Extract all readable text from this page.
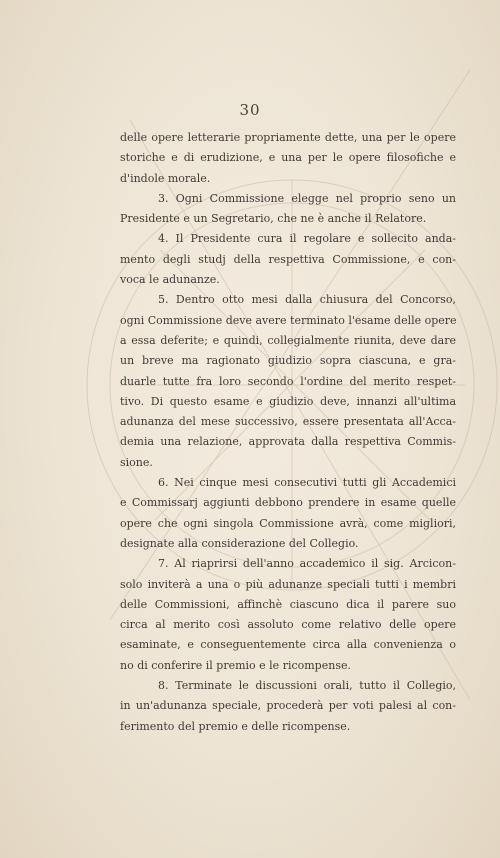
30

delle opere letterarie propriamente dette, una per le opere
storiche e di erudizione, e una per le opere filosofiche e
d'indole morale.

3. Ogni Commissione elegge nel proprio seno un
Presidente e un Segretario, che ne è anche il Relatore.

4. Il Presidente cura il regolare e sollecito anda-
mento degli studj della respettiva Commissione, e con-
voca le adunanze.

5. Dentro otto mesi dalla chiusura del Concorso,
ogni Commissione deve avere terminato l'esame delle opere
a essa deferite; e quindi, collegialmente riunita, deve dare
un breve ma ragionato giudizio sopra ciascuna, e gra-
duarle tutte fra loro secondo l'ordine del merito respet-
tivo. Di questo esame e giudizio deve, innanzi all'ultima
adunanza del mese successivo, essere presentata all'Acca-
demia una relazione, approvata dalla respettiva Commis-
sione.

6. Nei cinque mesi consecutivi tutti gli Accademici
e Commissarj aggiunti debbono prendere in esame quelle
opere che ogni singola Commissione avrà, come migliori,
designate alla considerazione del Collegio.

7. Al riaprirsi dell'anno accademico il sig. Arcicon-
solo inviterà a una o più adunanze speciali tutti i membri
delle Commissioni, affinchè ciascuno dica il parere suo
circa al merito così assoluto come relativo delle opere
esaminate, e conseguentemente circa alla convenienza o
no di conferire il premio e le ricompense.

8. Terminate le discussioni orali, tutto il Collegio,
in un'adunanza speciale, procederà per voti palesi al con-
ferimento del premio e delle ricompense.
